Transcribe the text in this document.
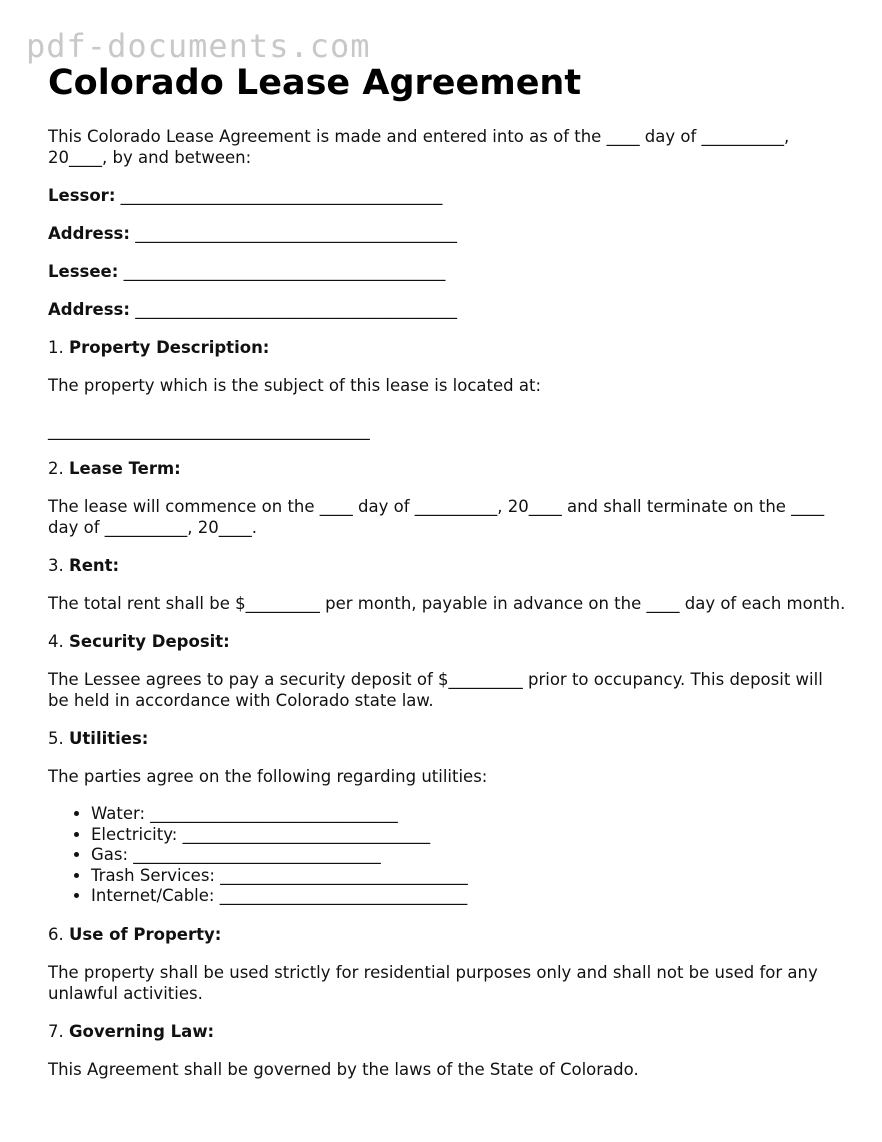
pdf-documents.com
Colorado Lease Agreement

This Colorado Lease Agreement is made and entered into as of the ____ day of __________, 20____, by and between:

Lessor: _______________________________________

Address: _______________________________________

Lessee: _______________________________________

Address: _______________________________________

1. Property Description:

The property which is the subject of this lease is located at:

_______________________________________

2. Lease Term:

The lease will commence on the ____ day of __________, 20____ and shall terminate on the ____ day of __________, 20____.

3. Rent:

The total rent shall be $_________ per month, payable in advance on the ____ day of each month.

4. Security Deposit:

The Lessee agrees to pay a security deposit of $_________ prior to occupancy. This deposit will be held in accordance with Colorado state law.

5. Utilities:

The parties agree on the following regarding utilities:

• Water: ______________________________
• Electricity: ______________________________
• Gas: ______________________________
• Trash Services: ______________________________
• Internet/Cable: ______________________________

6. Use of Property:

The property shall be used strictly for residential purposes only and shall not be used for any unlawful activities.

7. Governing Law:

This Agreement shall be governed by the laws of the State of Colorado.
